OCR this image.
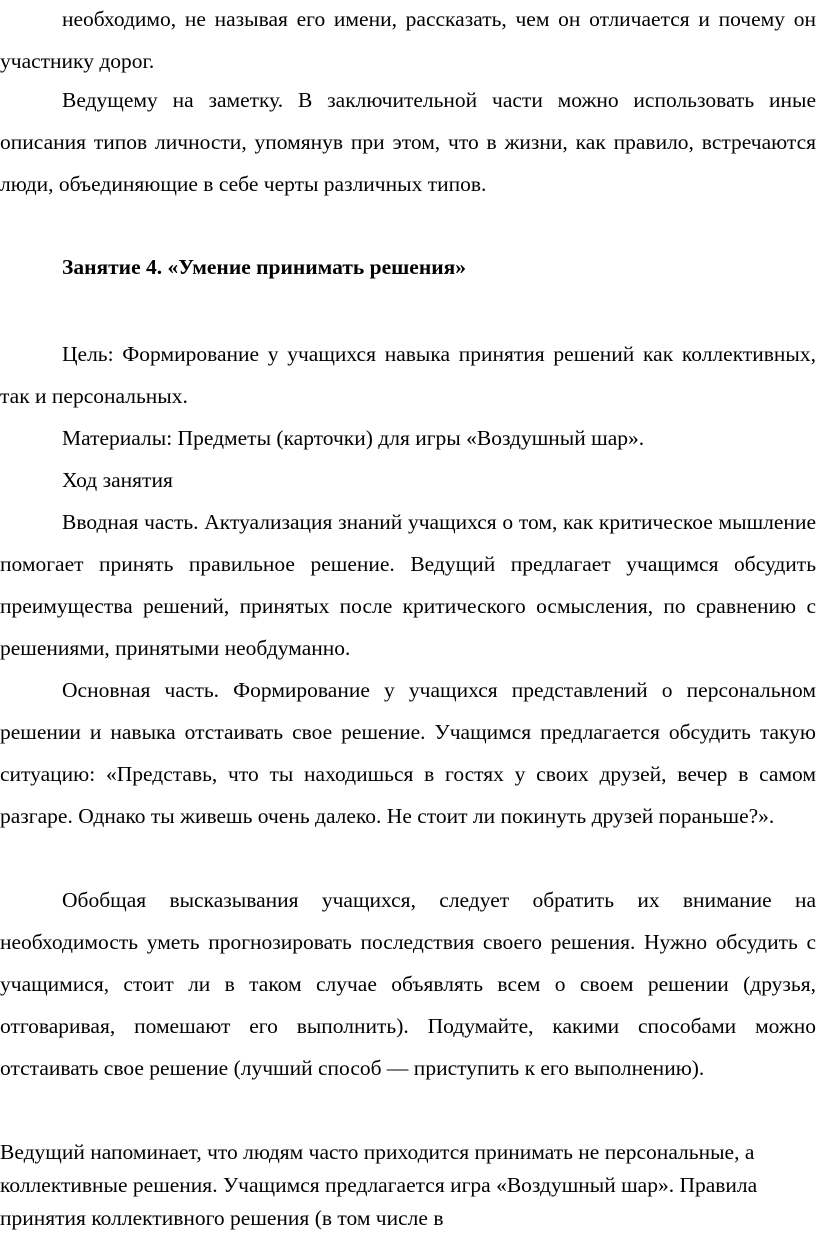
необходимо, не называя его имени, рассказать, чем он отличается и почему он участнику дорог.

Ведущему на заметку. В заключительной части можно использовать иные описания типов личности, упомянув при этом, что в жизни, как правило, встречаются люди, объединяющие в себе черты различных типов.

Занятие 4. «Умение принимать решения»

Цель: Формирование у учащихся навыка принятия решений как коллективных, так и персональных.

Материалы: Предметы (карточки) для игры «Воздушный шар».

Ход занятия

Вводная часть. Актуализация знаний учащихся о том, как критическое мышление помогает принять правильное решение. Ведущий предлагает учащимся обсудить преимущества решений, принятых после критического осмысления, по сравнению с решениями, принятыми необдуманно.

Основная часть. Формирование у учащихся представлений о персональном решении и навыка отстаивать свое решение. Учащимся предлагается обсудить такую ситуацию: «Представь, что ты находишься в гостях у своих друзей, вечер в самом разгаре. Однако ты живешь очень далеко. Не стоит ли покинуть друзей пораньше?».

Обобщая высказывания учащихся, следует обратить их внимание на необходимость уметь прогнозировать последствия своего решения. Нужно обсудить с учащимися, стоит ли в таком случае объявлять всем о своем решении (друзья, отговаривая, помешают его выполнить). Подумайте, какими способами можно отстаивать свое решение (лучший способ — приступить к его выполнению).

Ведущий напоминает, что людям часто приходится принимать не персональные, а коллективные решения. Учащимся предлагается игра «Воздушный шар». Правила принятия коллективного решения (в том числе в
